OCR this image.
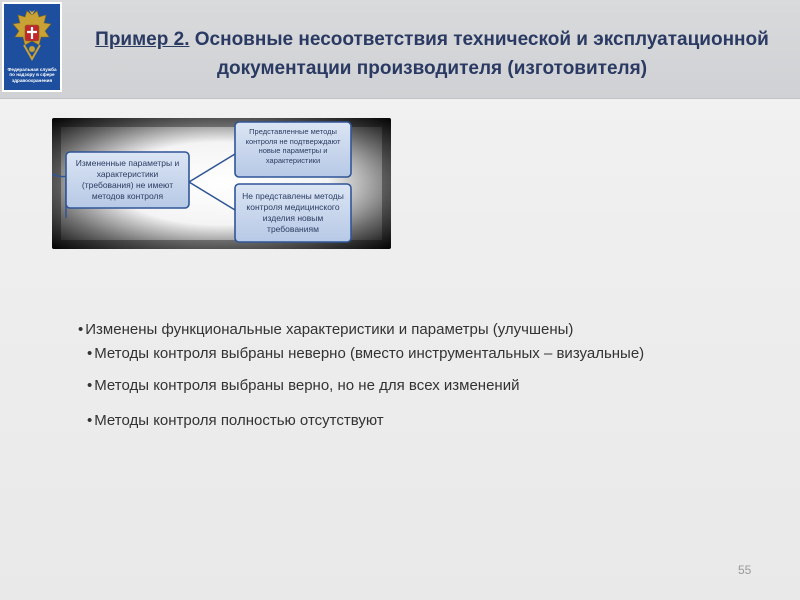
Федеральная служба
по надзору в сфере
здравоохранения
Пример 2. Основные несоответствия технической и эксплуатационной документации производителя (изготовителя)
Измененные параметры и характеристики (требования) не имеют методов контроля
Представленные методы контроля не подтверждают новые параметры и характеристики
Не представлены методы контроля медицинского изделия новым требованиям
• Изменены функциональные характеристики и параметры (улучшены)
• Методы контроля выбраны неверно (вместо инструментальных – визуальные)
• Методы контроля выбраны верно, но не для всех изменений
• Методы контроля полностью отсутствуют
55
